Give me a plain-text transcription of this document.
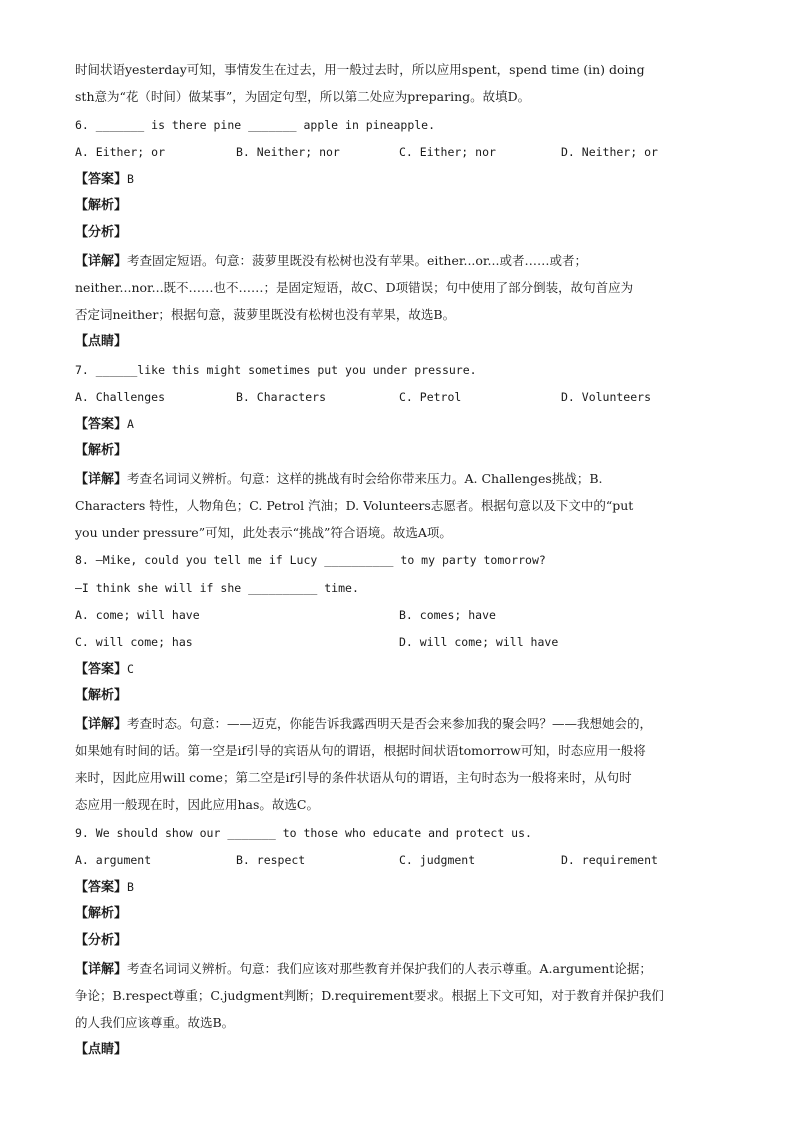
时间状语yesterday可知，事情发生在过去，用一般过去时，所以应用spent，spend time (in) doing
sth意为“花（时间）做某事”，为固定句型，所以第二处应为preparing。故填D。
6. _______ is there pine _______ apple in pineapple.
A. Either; or	B. Neither; nor	C. Either; nor	D. Neither; or
【答案】B
【解析】
【分析】
【详解】考查固定短语。句意：菠萝里既没有松树也没有苹果。either...or...或者……或者；
neither...nor...既不……也不……；是固定短语，故C、D项错误；句中使用了部分倒装，故句首应为
否定词neither；根据句意，菠萝里既没有松树也没有苹果，故选B。
【点睛】
7. ______like this might sometimes put you under pressure.
A. Challenges	B. Characters	C. Petrol	D. Volunteers
【答案】A
【解析】
【详解】考查名词词义辨析。句意：这样的挑战有时会给你带来压力。A. Challenges挑战；B.
Characters 特性，人物角色；C. Petrol 汽油；D. Volunteers志愿者。根据句意以及下文中的“put
you under pressure”可知，此处表示“挑战”符合语境。故选A项。
8. —Mike, could you tell me if Lucy __________ to my party tomorrow?
—I think she will if she __________ time.
A. come; will have	B. comes; have
C. will come; has	D. will come; will have
【答案】C
【解析】
【详解】考查时态。句意：——迈克，你能告诉我露西明天是否会来参加我的聚会吗？——我想她会的，
如果她有时间的话。第一空是if引导的宾语从句的谓语，根据时间状语tomorrow可知，时态应用一般将
来时，因此应用will come；第二空是if引导的条件状语从句的谓语，主句时态为一般将来时，从句时
态应用一般现在时，因此应用has。故选C。
9. We should show our _______ to those who educate and protect us.
A. argument	B. respect	C. judgment	D. requirement
【答案】B
【解析】
【分析】
【详解】考查名词词义辨析。句意：我们应该对那些教育并保护我们的人表示尊重。A.argument论据；
争论；B.respect尊重；C.judgment判断；D.requirement要求。根据上下文可知，对于教育并保护我们
的人我们应该尊重。故选B。
【点睛】
